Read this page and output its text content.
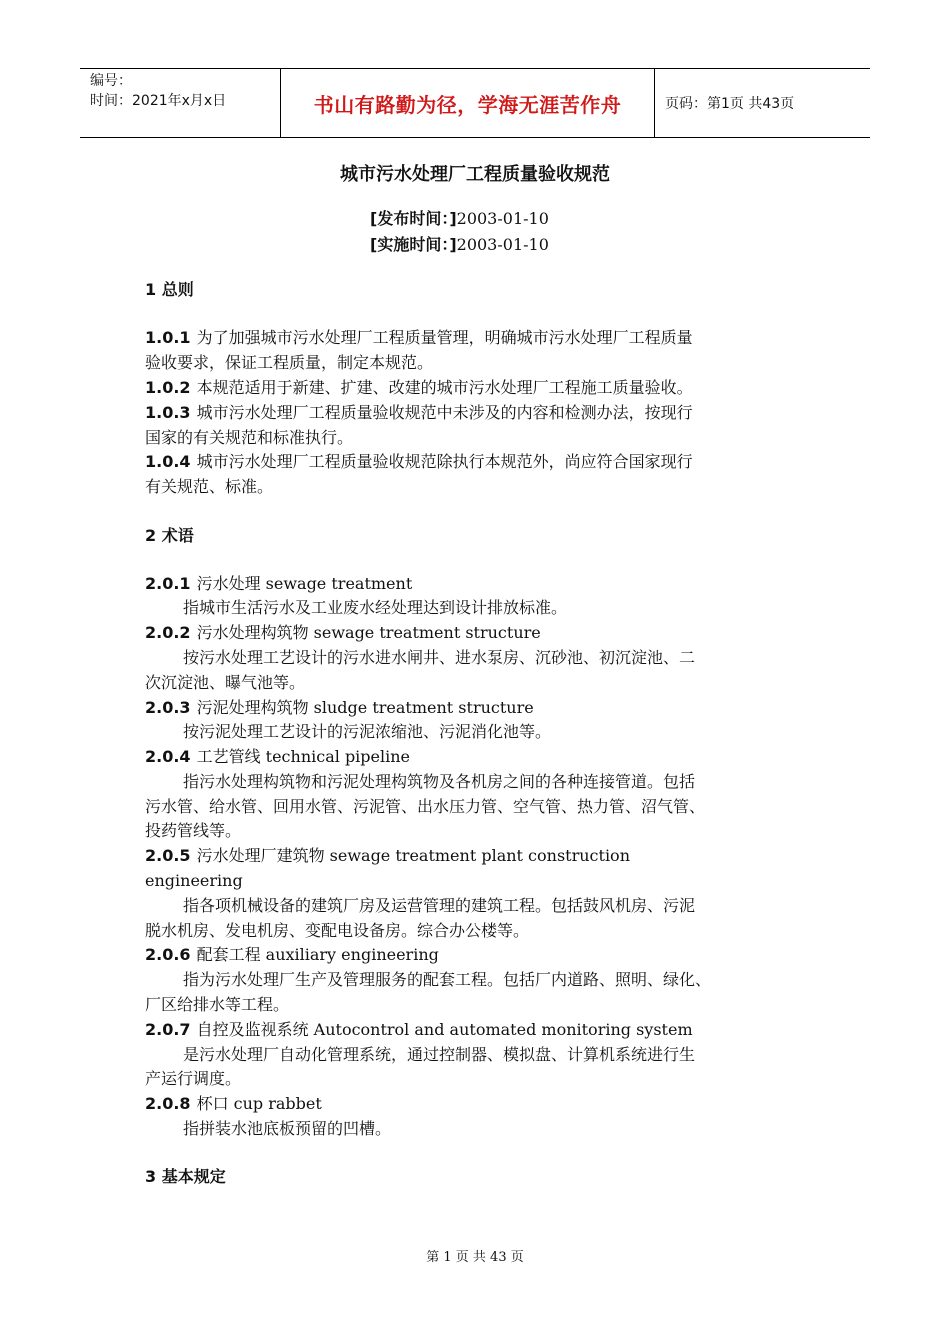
编号：
时间：2021年x月x日	书山有路勤为径，学海无涯苦作舟	页码：第1页 共43页
城市污水处理厂工程质量验收规范
[发布时间：]2003-01-10
[实施时间：]2003-01-10
1 总则
1.0.1 为了加强城市污水处理厂工程质量管理，明确城市污水处理厂工程质量
验收要求，保证工程质量，制定本规范。
1.0.2 本规范适用于新建、扩建、改建的城市污水处理厂工程施工质量验收。
1.0.3 城市污水处理厂工程质量验收规范中未涉及的内容和检测办法，按现行
国家的有关规范和标准执行。
1.0.4 城市污水处理厂工程质量验收规范除执行本规范外，尚应符合国家现行
有关规范、标准。
2 术语
2.0.1 污水处理 sewage treatment
指城市生活污水及工业废水经处理达到设计排放标准。
2.0.2 污水处理构筑物 sewage treatment structure
按污水处理工艺设计的污水进水闸井、进水泵房、沉砂池、初沉淀池、二
次沉淀池、曝气池等。
2.0.3 污泥处理构筑物 sludge treatment structure
按污泥处理工艺设计的污泥浓缩池、污泥消化池等。
2.0.4 工艺管线 technical pipeline
指污水处理构筑物和污泥处理构筑物及各机房之间的各种连接管道。包括
污水管、给水管、回用水管、污泥管、出水压力管、空气管、热力管、沼气管、
投药管线等。
2.0.5 污水处理厂建筑物 sewage treatment plant construction
engineering
指各项机械设备的建筑厂房及运营管理的建筑工程。包括鼓风机房、污泥
脱水机房、发电机房、变配电设备房。综合办公楼等。
2.0.6 配套工程 auxiliary engineering
指为污水处理厂生产及管理服务的配套工程。包括厂内道路、照明、绿化、
厂区给排水等工程。
2.0.7 自控及监视系统 Autocontrol and automated monitoring system
是污水处理厂自动化管理系统，通过控制器、模拟盘、计算机系统进行生
产运行调度。
2.0.8 杯口 cup rabbet
指拼装水池底板预留的凹槽。
3 基本规定
第 1 页 共 43 页
